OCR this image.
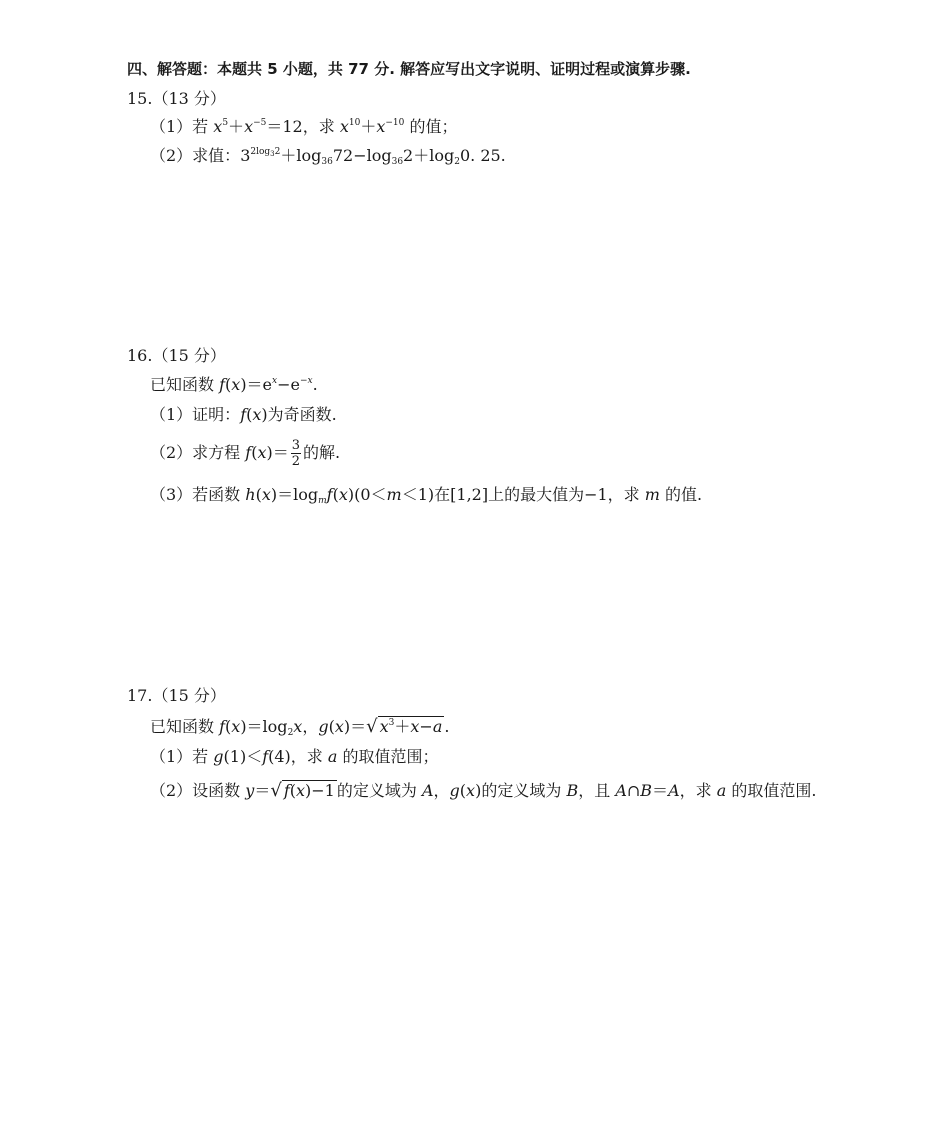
四、解答题：本题共 5 小题，共 77 分. 解答应写出文字说明、证明过程或演算步骤.
15.（13 分）
（1）若 $x^5+x^{-5}=12$，求 $x^{10}+x^{-10}$ 的值；
（2）求值：$3^{2log_32}+\log_{36}72-\log_{36}2+\log_20$. 25.
16.（15 分）
已知函数 $f(x)=e^x-e^{-x}$.
（1）证明：f(x)为奇函数.
（2）求方程 $f(x)= \frac{3}{2}$ 的解.
（3）若函数 $h(x)=\log_mf(x)(0<m<1)$在[1,2]上的最大值为−1，求 m 的值.
17.（15 分）
已知函数 $f(x)=\log_2x$，g(x)＝√ $x^3+x-a$ .
（1）若 g(1)＜f(4)，求 a 的取值范围；
（2）设函数 y＝√ f(x)−1 的定义域为 A，g(x)的定义域为 B，且 A∩B＝A，求 a 的取值范围.
